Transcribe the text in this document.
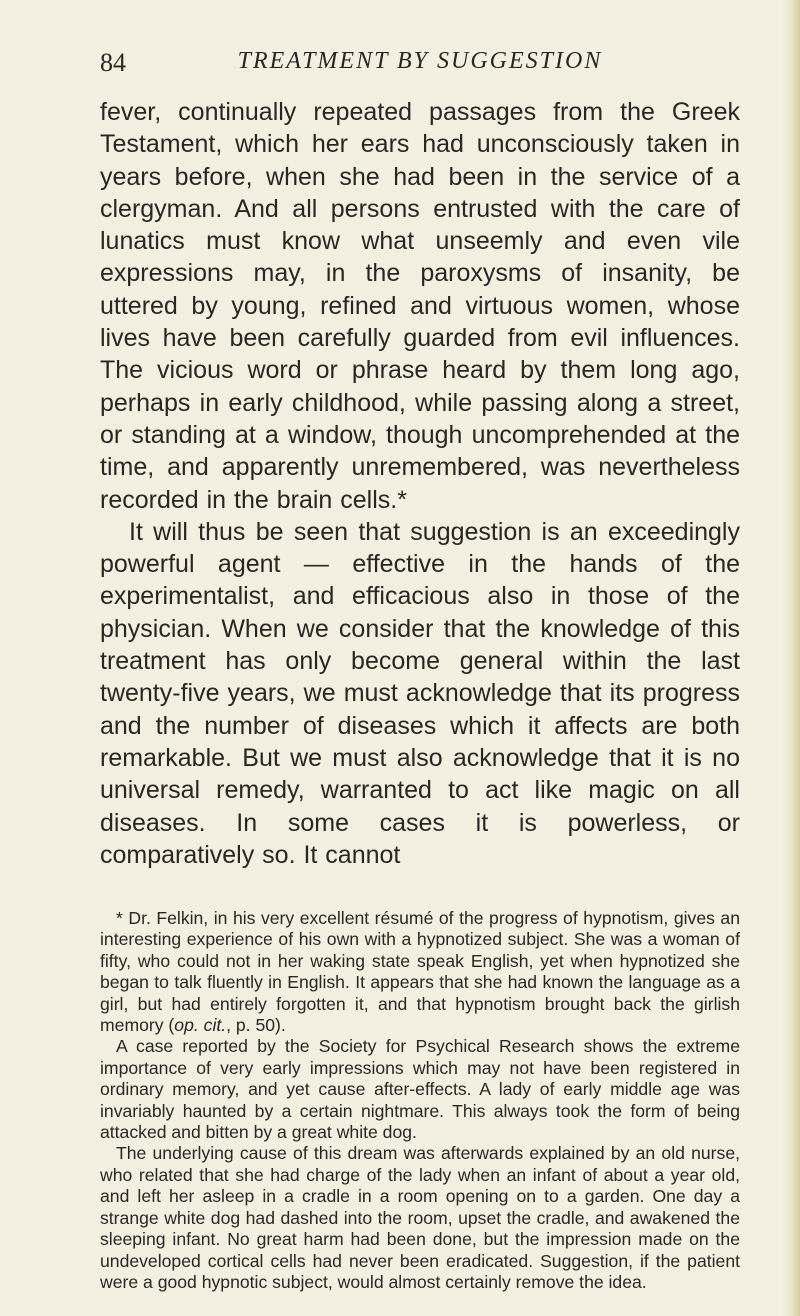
84	TREATMENT BY SUGGESTION

fever, continually repeated passages from the Greek Testament, which her ears had unconsciously taken in years before, when she had been in the service of a clergyman. And all persons entrusted with the care of lunatics must know what unseemly and even vile expressions may, in the paroxysms of insanity, be uttered by young, refined and virtuous women, whose lives have been carefully guarded from evil influences. The vicious word or phrase heard by them long ago, perhaps in early childhood, while passing along a street, or standing at a window, though uncomprehended at the time, and apparently unremembered, was nevertheless recorded in the brain cells.*

It will thus be seen that suggestion is an exceedingly powerful agent — effective in the hands of the experimentalist, and efficacious also in those of the physician. When we consider that the knowledge of this treatment has only become general within the last twenty-five years, we must acknowledge that its progress and the number of diseases which it affects are both remarkable. But we must also acknowledge that it is no universal remedy, warranted to act like magic on all diseases. In some cases it is powerless, or comparatively so. It cannot

* Dr. Felkin, in his very excellent résumé of the progress of hypnotism, gives an interesting experience of his own with a hypnotized subject. She was a woman of fifty, who could not in her waking state speak English, yet when hypnotized she began to talk fluently in English. It appears that she had known the language as a girl, but had entirely forgotten it, and that hypnotism brought back the girlish memory (op. cit., p. 50).

A case reported by the Society for Psychical Research shows the extreme importance of very early impressions which may not have been registered in ordinary memory, and yet cause after-effects. A lady of early middle age was invariably haunted by a certain nightmare. This always took the form of being attacked and bitten by a great white dog.

The underlying cause of this dream was afterwards explained by an old nurse, who related that she had charge of the lady when an infant of about a year old, and left her asleep in a cradle in a room opening on to a garden. One day a strange white dog had dashed into the room, upset the cradle, and awakened the sleeping infant. No great harm had been done, but the impression made on the undeveloped cortical cells had never been eradicated. Suggestion, if the patient were a good hypnotic subject, would almost certainly remove the idea.
